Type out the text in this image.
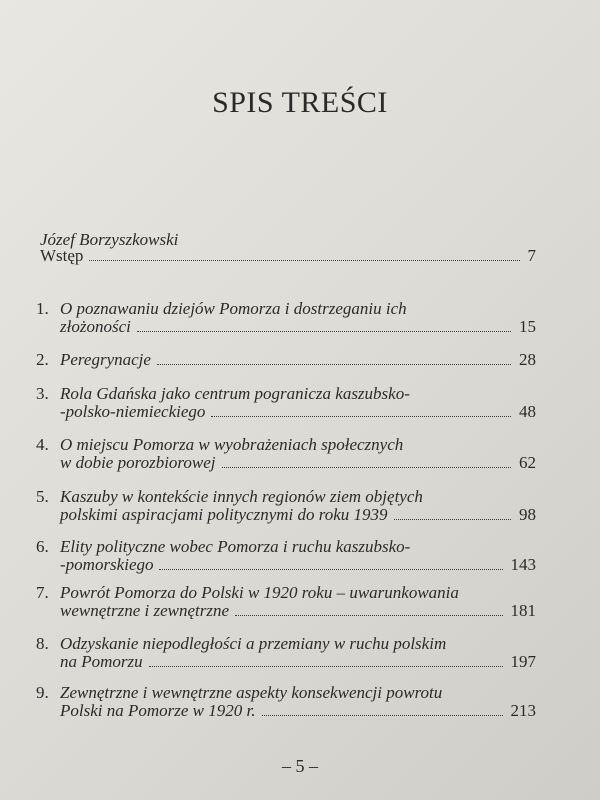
SPIS TREŚCI
Józef Borzyszkowski
Wstęp	7
1. O poznawaniu dziejów Pomorza i dostrzeganiu ich
złożoności	15
2. Peregrynacje	28
3. Rola Gdańska jako centrum pogranicza kaszubsko-
-polsko-niemieckiego	48
4. O miejscu Pomorza w wyobrażeniach społecznych
w dobie porozbiorowej	62
5. Kaszuby w kontekście innych regionów ziem objętych
polskimi aspiracjami politycznymi do roku 1939	98
6. Elity polityczne wobec Pomorza i ruchu kaszubsko-
-pomorskiego	143
7. Powrót Pomorza do Polski w 1920 roku – uwarunkowania
wewnętrzne i zewnętrzne	181
8. Odzyskanie niepodległości a przemiany w ruchu polskim
na Pomorzu	197
9. Zewnętrzne i wewnętrzne aspekty konsekwencji powrotu
Polski na Pomorze w 1920 r.	213
– 5 –
